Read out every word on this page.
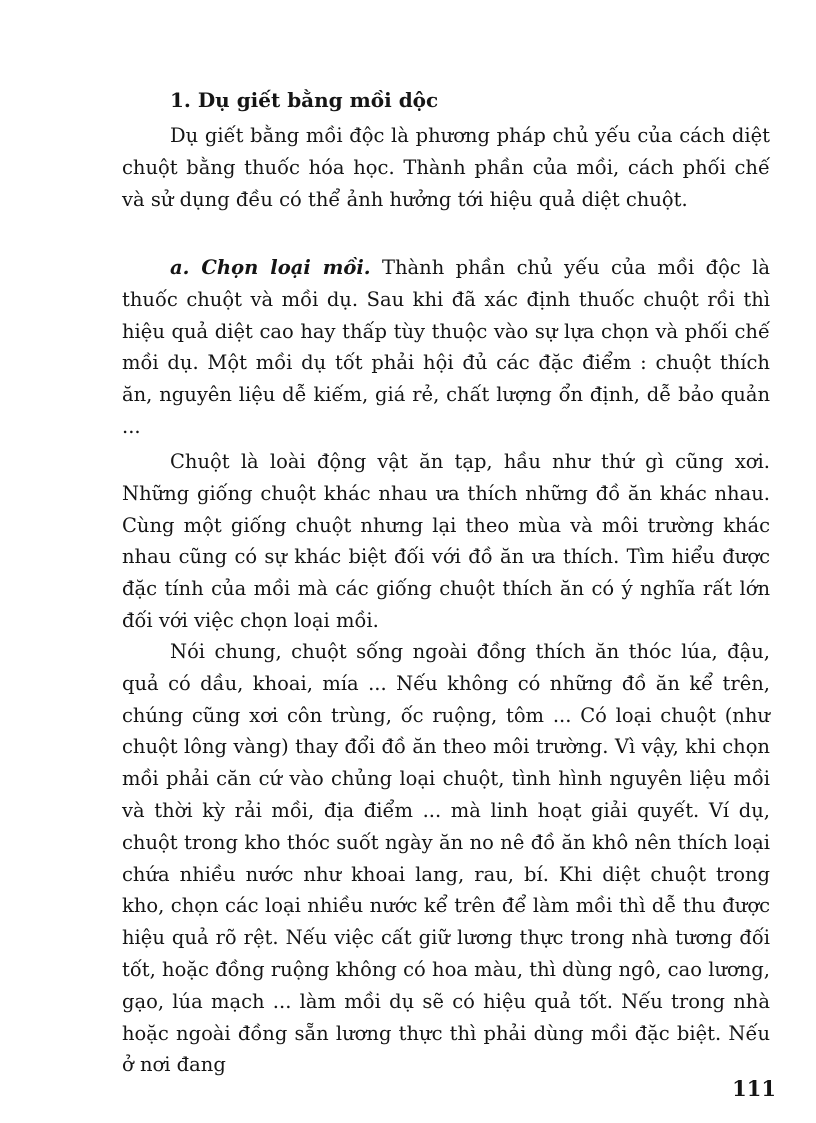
1. Dụ giết bằng mồi dộc

Dụ giết bằng mồi độc là phương pháp chủ yếu của cách diệt chuột bằng thuốc hóa học. Thành phần của mồi, cách phối chế và sử dụng đều có thể ảnh hưởng tới hiệu quả diệt chuột.

a. Chọn loại mồi. Thành phần chủ yếu của mồi độc là thuốc chuột và mồi dụ. Sau khi đã xác định thuốc chuột rồi thì hiệu quả diệt cao hay thấp tùy thuộc vào sự lựa chọn và phối chế mồi dụ. Một mồi dụ tốt phải hội đủ các đặc điểm : chuột thích ăn, nguyên liệu dễ kiếm, giá rẻ, chất lượng ổn định, dễ bảo quản ...

Chuột là loài động vật ăn tạp, hầu như thứ gì cũng xơi. Những giống chuột khác nhau ưa thích những đồ ăn khác nhau. Cùng một giống chuột nhưng lại theo mùa và môi trường khác nhau cũng có sự khác biệt đối với đồ ăn ưa thích. Tìm hiểu được đặc tính của mồi mà các giống chuột thích ăn có ý nghĩa rất lớn đối với việc chọn loại mồi.

Nói chung, chuột sống ngoài đồng thích ăn thóc lúa, đậu, quả có dầu, khoai, mía ... Nếu không có những đồ ăn kể trên, chúng cũng xơi côn trùng, ốc ruộng, tôm ... Có loại chuột (như chuột lông vàng) thay đổi đồ ăn theo môi trường. Vì vậy, khi chọn mồi phải căn cứ vào chủng loại chuột, tình hình nguyên liệu mồi và thời kỳ rải mồi, địa điểm ... mà linh hoạt giải quyết. Ví dụ, chuột trong kho thóc suốt ngày ăn no nê đồ ăn khô nên thích loại chứa nhiều nước như khoai lang, rau, bí. Khi diệt chuột trong kho, chọn các loại nhiều nước kể trên để làm mồi thì dễ thu được hiệu quả rõ rệt. Nếu việc cất giữ lương thực trong nhà tương đối tốt, hoặc đồng ruộng không có hoa màu, thì dùng ngô, cao lương, gạo, lúa mạch ... làm mồi dụ sẽ có hiệu quả tốt. Nếu trong nhà hoặc ngoài đồng sẵn lương thực thì phải dùng mồi đặc biệt. Nếu ở nơi đang

111
